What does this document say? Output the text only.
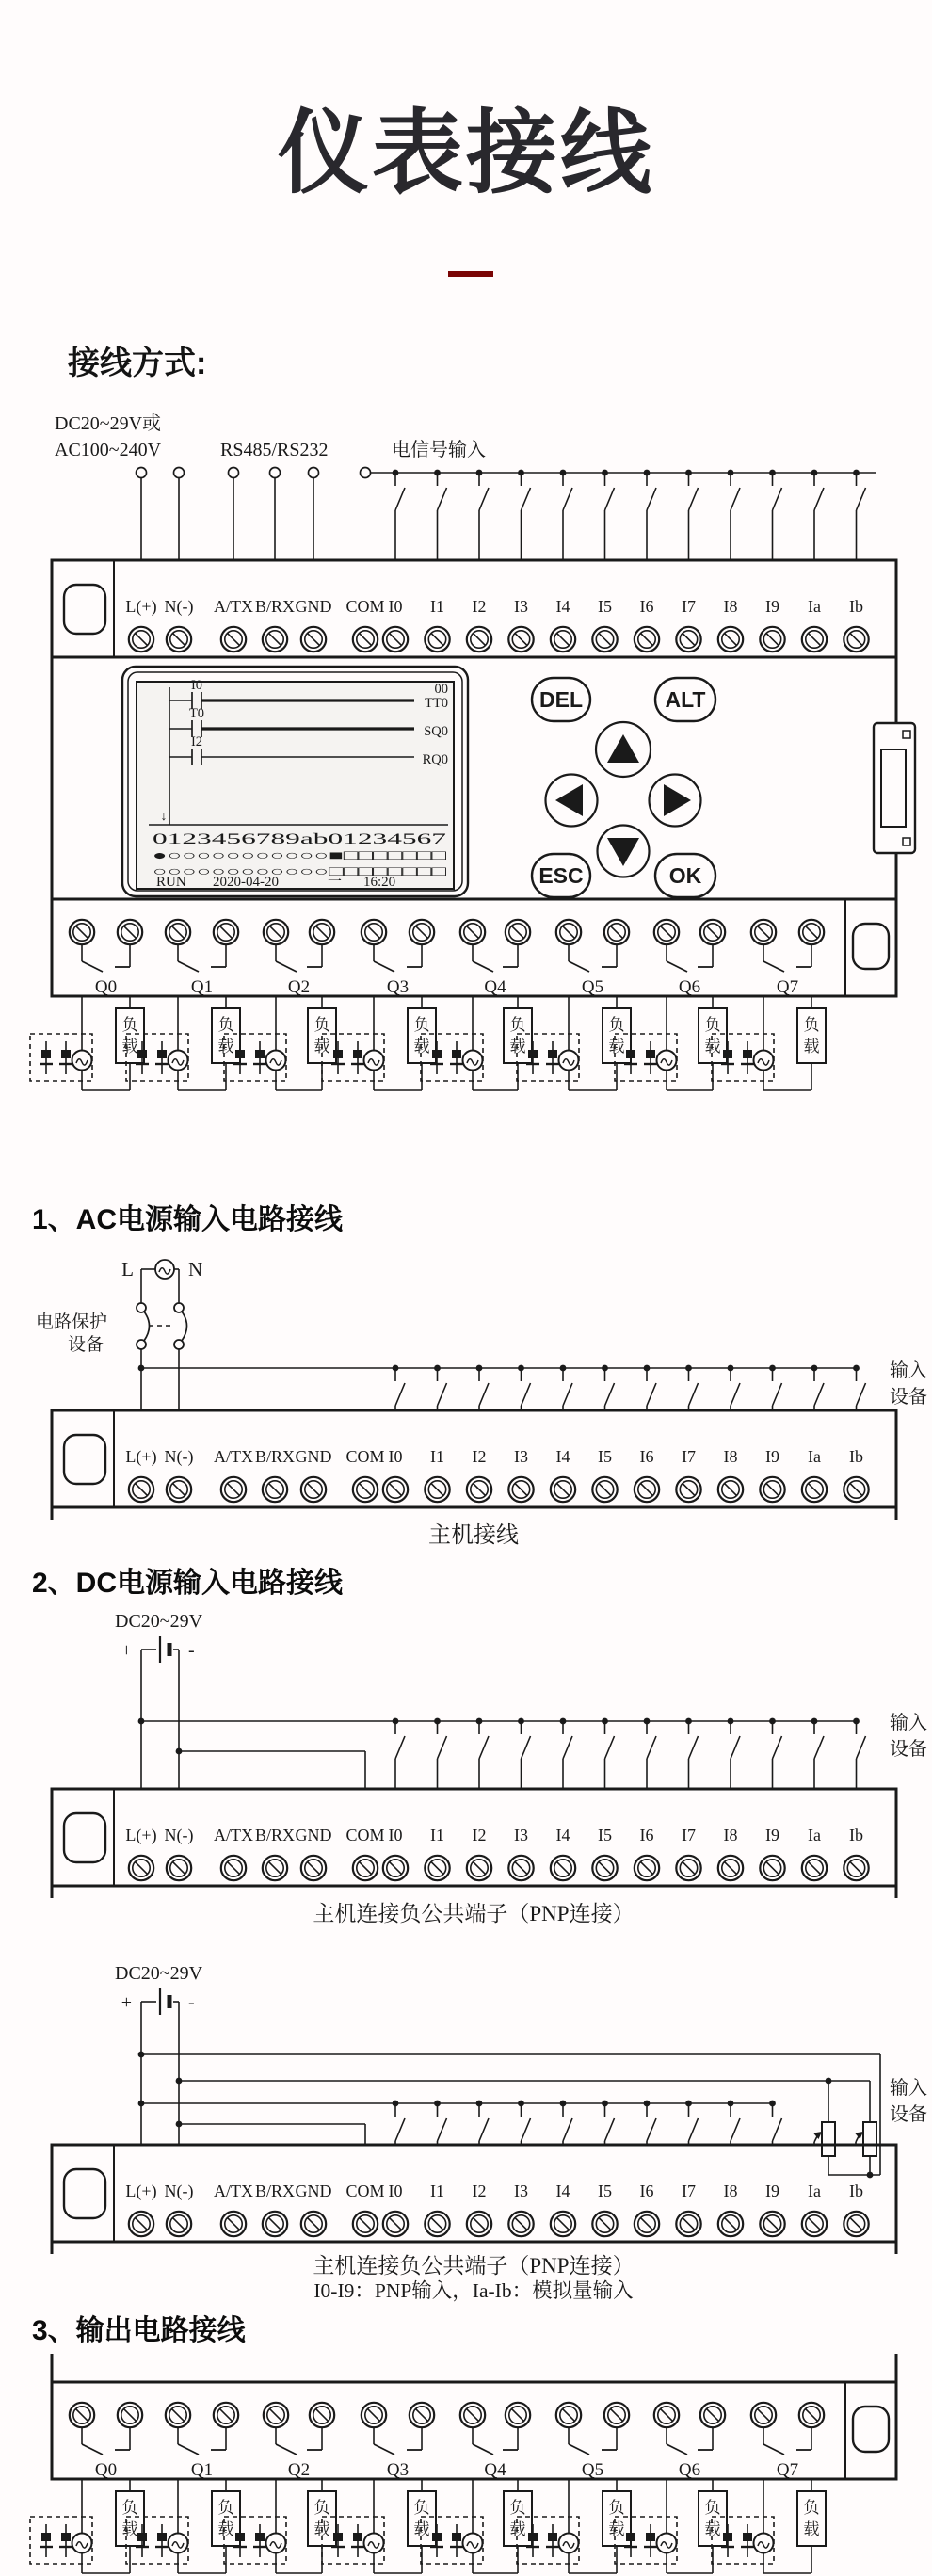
仪表接线
接线方式:
DC20~29V或
AC100~240V	RS485/RS232	电信号输入
↓
0123456789ab01234567
●○○○○○○○○○○○■□□□□□□□
○○○○○○○○○○○○□□□□□□□□
RUN 2020-04-20	一 16:20
DEL	ALT
ESC	OK
L(+) N(-) A/TX B/RX GND COM I0 I1 I2 I3 I4 I5 I6 I7 I8 I9 Ia Ib
Q0	Q1	Q2	Q3	Q4	Q5	Q6	Q7
负
载
负
载
负
载
负
载
负
载
负
载
负
载
负
载
I0
TT0
00
T0
SQ0
I2
RQ0
1、AC电源输入电路接线
L	N
电路保护
设备
输入
设备
主机接线
L(+) N(-) A/TX B/RX GND COM I0 I1 I2 I3 I4 I5 I6 I7 I8 I9 Ia Ib
2、DC电源输入电路接线
DC20~29V
+	-
输入
设备
主机连接负公共端子（PNP连接）
L(+) N(-) A/TX B/RX GND COM I0 I1 I2 I3 I4 I5 I6 I7 I8 I9 Ia Ib
DC20~29V
+	-
输入
设备
主机连接负公共端子（PNP连接）
I0-I9：PNP输入，Ia-Ib：模拟量输入
L(+) N(-) A/TX B/RX GND COM I0 I1 I2 I3 I4 I5 I6 I7 I8 I9 Ia Ib
3、输出电路接线
Q0	Q1	Q2	Q3	Q4	Q5	Q6	Q7
负
载
负
载
负
载
负
载
负
载
负
载
负
载
负
载
